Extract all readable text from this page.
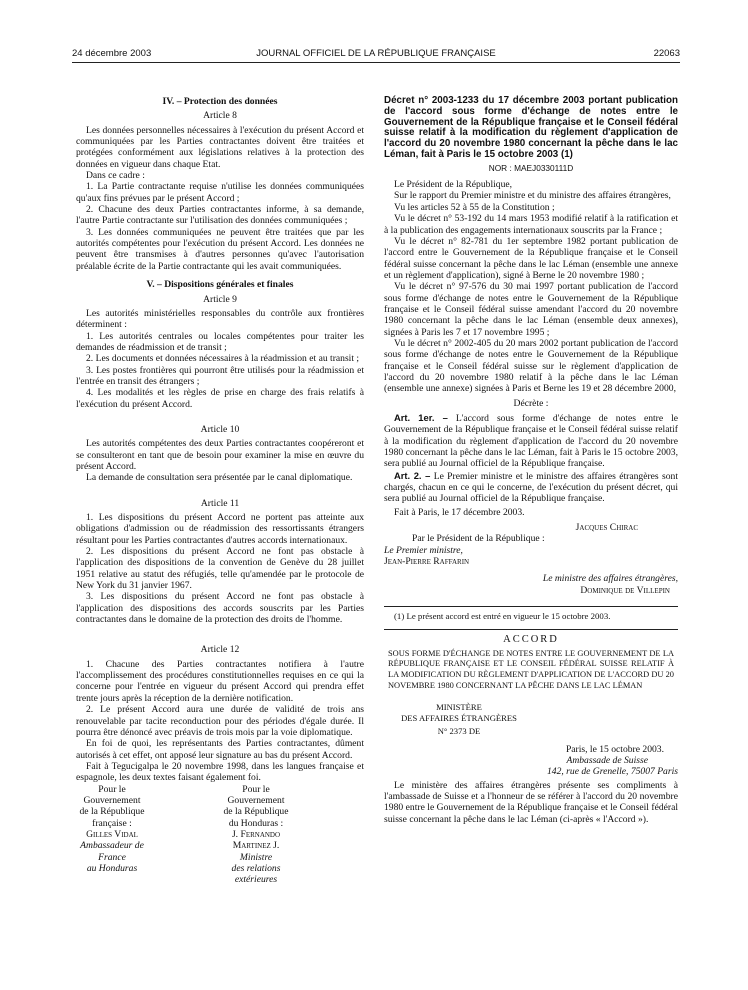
24 décembre 2003	JOURNAL OFFICIEL DE LA RÉPUBLIQUE FRANÇAISE	22063

IV. – Protection des données

Article 8

Les données personnelles nécessaires à l'exécution du présent Accord et communiquées par les Parties contractantes doivent être traitées et protégées conformément aux législations relatives à la protection des données en vigueur dans chaque Etat.

Dans ce cadre :

1. La Partie contractante requise n'utilise les données communiquées qu'aux fins prévues par le présent Accord ;

2. Chacune des deux Parties contractantes informe, à sa demande, l'autre Partie contractante sur l'utilisation des données communiquées ;

3. Les données communiquées ne peuvent être traitées que par les autorités compétentes pour l'exécution du présent Accord. Les données ne peuvent être transmises à d'autres personnes qu'avec l'autorisation préalable écrite de la Partie contractante qui les avait communiquées.

V. – Dispositions générales et finales

Article 9

Les autorités ministérielles responsables du contrôle aux frontières déterminent :

1. Les autorités centrales ou locales compétentes pour traiter les demandes de réadmission et de transit ;

2. Les documents et données nécessaires à la réadmission et au transit ;

3. Les postes frontières qui pourront être utilisés pour la réadmission et l'entrée en transit des étrangers ;

4. Les modalités et les règles de prise en charge des frais relatifs à l'exécution du présent Accord.

Article 10

Les autorités compétentes des deux Parties contractantes coopéreront et se consulteront en tant que de besoin pour examiner la mise en œuvre du présent Accord.

La demande de consultation sera présentée par le canal diplomatique.

Article 11

1. Les dispositions du présent Accord ne portent pas atteinte aux obligations d'admission ou de réadmission des ressortissants étrangers résultant pour les Parties contractantes d'autres accords internationaux.

2. Les dispositions du présent Accord ne font pas obstacle à l'application des dispositions de la convention de Genève du 28 juillet 1951 relative au statut des réfugiés, telle qu'amendée par le protocole de New York du 31 janvier 1967.

3. Les dispositions du présent Accord ne font pas obstacle à l'application des dispositions des accords souscrits par les Parties contractantes dans le domaine de la protection des droits de l'homme.

Article 12

1. Chacune des Parties contractantes notifiera à l'autre l'accomplissement des procédures constitutionnelles requises en ce qui la concerne pour l'entrée en vigueur du présent Accord qui prendra effet trente jours après la réception de la dernière notification.

2. Le présent Accord aura une durée de validité de trois ans renouvelable par tacite reconduction pour des périodes d'égale durée. Il pourra être dénoncé avec préavis de trois mois par la voie diplomatique.

En foi de quoi, les représentants des Parties contractantes, dûment autorisés à cet effet, ont apposé leur signature au bas du présent Accord.

Fait à Tegucigalpa le 20 novembre 1998, dans les langues française et espagnole, les deux textes faisant également foi.

Pour le Gouvernement
de la République française :
Gilles Vidal
Ambassadeur de France
au Honduras
Pour le Gouvernement
de la République du Honduras :
J. Fernando Martinez J.
Ministre
des relations extérieures
Décret n° 2003-1233 du 17 décembre 2003 portant publication de l'accord sous forme d'échange de notes entre le Gouvernement de la République française et le Conseil fédéral suisse relatif à la modification du règlement d'application de l'accord du 20 novembre 1980 concernant la pêche dans le lac Léman, fait à Paris le 15 octobre 2003 (1)
NOR : MAEJ0330111D

Le Président de la République,

Sur le rapport du Premier ministre et du ministre des affaires étrangères,

Vu les articles 52 à 55 de la Constitution ;

Vu le décret n° 53-192 du 14 mars 1953 modifié relatif à la ratification et à la publication des engagements internationaux souscrits par la France ;

Vu le décret n° 82-781 du 1er septembre 1982 portant publication de l'accord entre le Gouvernement de la République française et le Conseil fédéral suisse concernant la pêche dans le lac Léman (ensemble une annexe et un règlement d'application), signé à Berne le 20 novembre 1980 ;

Vu le décret n° 97-576 du 30 mai 1997 portant publication de l'accord sous forme d'échange de notes entre le Gouvernement de la République française et le Conseil fédéral suisse amendant l'accord du 20 novembre 1980 concernant la pêche dans le lac Léman (ensemble deux annexes), signées à Paris les 7 et 17 novembre 1995 ;

Vu le décret n° 2002-405 du 20 mars 2002 portant publication de l'accord sous forme d'échange de notes entre le Gouvernement de la République française et le Conseil fédéral suisse sur le règlement d'application de l'accord du 20 novembre 1980 relatif à la pêche dans le lac Léman (ensemble une annexe) signées à Paris et Berne les 19 et 28 décembre 2000,

Décrète :

Art. 1er. – L'accord sous forme d'échange de notes entre le Gouvernement de la République française et le Conseil fédéral suisse relatif à la modification du règlement d'application de l'accord du 20 novembre 1980 concernant la pêche dans le lac Léman, fait à Paris le 15 octobre 2003, sera publié au Journal officiel de la République française.

Art. 2. – Le Premier ministre et le ministre des affaires étrangères sont chargés, chacun en ce qui le concerne, de l'exécution du présent décret, qui sera publié au Journal officiel de la République française.

Fait à Paris, le 17 décembre 2003.

Jacques Chirac

Par le Président de la République :

Le Premier ministre,

Jean-Pierre Raffarin

Le ministre des affaires étrangères,

Dominique de Villepin

(1) Le présent accord est entré en vigueur le 15 octobre 2003.

ACCORD
SOUS FORME D'ÉCHANGE DE NOTES ENTRE LE GOUVERNEMENT DE LA RÉPUBLIQUE FRANÇAISE ET LE CONSEIL FÉDÉRAL SUISSE RELATIF À LA MODIFICATION DU RÈGLEMENT D'APPLICATION DE L'ACCORD DU 20 NOVEMBRE 1980 CONCERNANT LA PÊCHE DANS LE LAC LÉMAN
MINISTÈRE
DES AFFAIRES ÉTRANGÈRES
N° 2373 DE

Paris, le 15 octobre 2003.

Ambassade de Suisse

142, rue de Grenelle, 75007 Paris

Le ministère des affaires étrangères présente ses compliments à l'ambassade de Suisse et a l'honneur de se référer à l'accord du 20 novembre 1980 entre le Gouvernement de la République française et le Conseil fédéral suisse concernant la pêche dans le lac Léman (ci-après « l'Accord »).
